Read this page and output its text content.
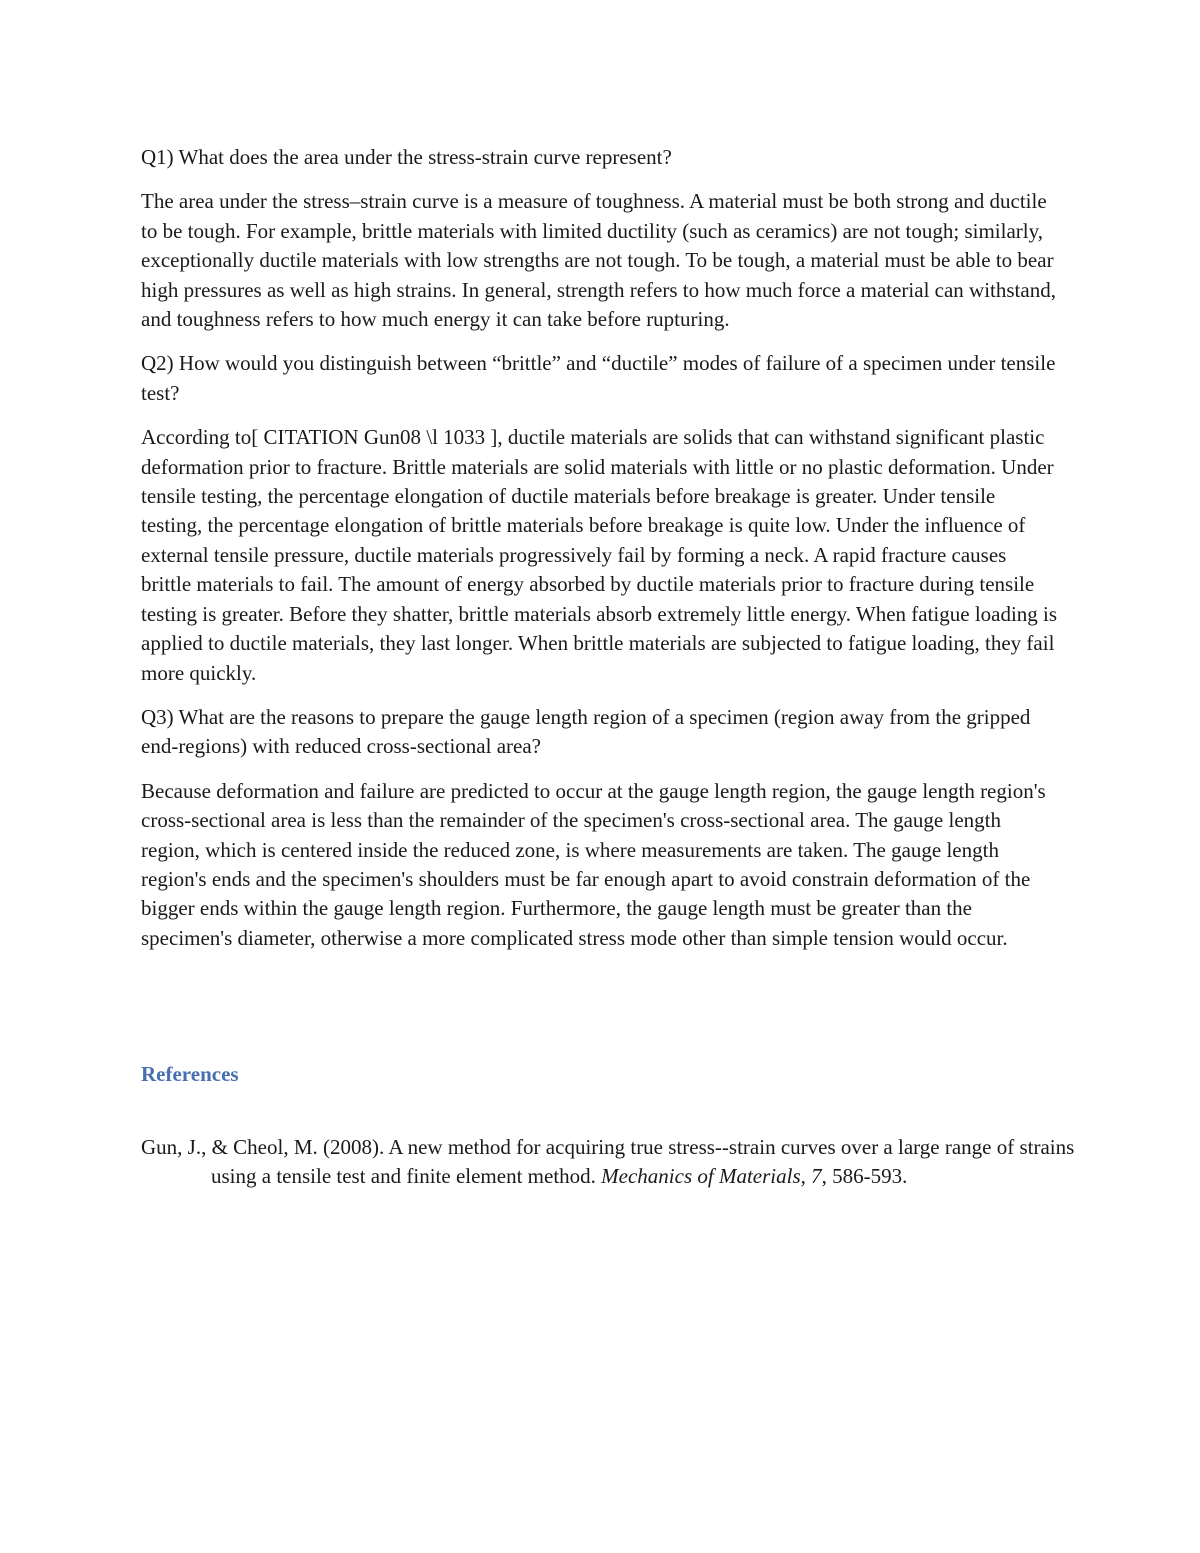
Q1) What does the area under the stress-strain curve represent?

The area under the stress–strain curve is a measure of toughness. A material must be both strong and ductile to be tough. For example, brittle materials with limited ductility (such as ceramics) are not tough; similarly, exceptionally ductile materials with low strengths are not tough. To be tough, a material must be able to bear high pressures as well as high strains. In general, strength refers to how much force a material can withstand, and toughness refers to how much energy it can take before rupturing.

Q2) How would you distinguish between “brittle” and “ductile” modes of failure of a specimen under tensile test?

According to[ CITATION Gun08 \l 1033 ], ductile materials are solids that can withstand significant plastic deformation prior to fracture. Brittle materials are solid materials with little or no plastic deformation. Under tensile testing, the percentage elongation of ductile materials before breakage is greater. Under tensile testing, the percentage elongation of brittle materials before breakage is quite low. Under the influence of external tensile pressure, ductile materials progressively fail by forming a neck. A rapid fracture causes brittle materials to fail. The amount of energy absorbed by ductile materials prior to fracture during tensile testing is greater. Before they shatter, brittle materials absorb extremely little energy. When fatigue loading is applied to ductile materials, they last longer. When brittle materials are subjected to fatigue loading, they fail more quickly.

Q3) What are the reasons to prepare the gauge length region of a specimen (region away from the gripped end-regions) with reduced cross-sectional area?

Because deformation and failure are predicted to occur at the gauge length region, the gauge length region's cross-sectional area is less than the remainder of the specimen's cross-sectional area. The gauge length region, which is centered inside the reduced zone, is where measurements are taken. The gauge length region's ends and the specimen's shoulders must be far enough apart to avoid constrain deformation of the bigger ends within the gauge length region. Furthermore, the gauge length must be greater than the specimen's diameter, otherwise a more complicated stress mode other than simple tension would occur.

References

Gun, J., & Cheol, M. (2008). A new method for acquiring true stress--strain curves over a large range of strains using a tensile test and finite element method. Mechanics of Materials, 7, 586-593.
